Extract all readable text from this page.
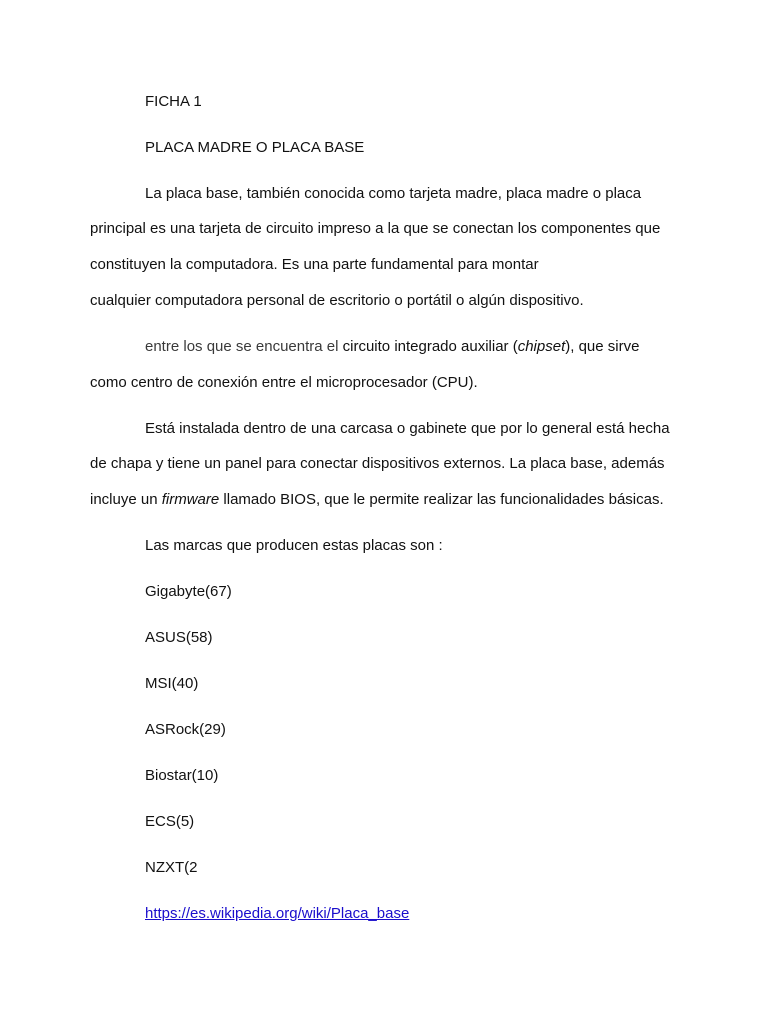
FICHA 1
PLACA MADRE O PLACA BASE
La placa base, también conocida como tarjeta madre, placa madre o placa
principal es una tarjeta de circuito impreso a la que se conectan los componentes que
constituyen la computadora. Es una parte fundamental para montar
cualquier computadora personal de escritorio o portátil o algún dispositivo.
entre los que se encuentra el circuito integrado auxiliar (chipset), que sirve
como centro de conexión entre el microprocesador (CPU).
Está instalada dentro de una carcasa o gabinete que por lo general está hecha
de chapa y tiene un panel para conectar dispositivos externos. La placa base, además
incluye un firmware llamado BIOS, que le permite realizar las funcionalidades básicas.
Las marcas que producen estas placas son :
Gigabyte(67)
ASUS(58)
MSI(40)
ASRock(29)
Biostar(10)
ECS(5)
NZXT(2
https://es.wikipedia.org/wiki/Placa_base
